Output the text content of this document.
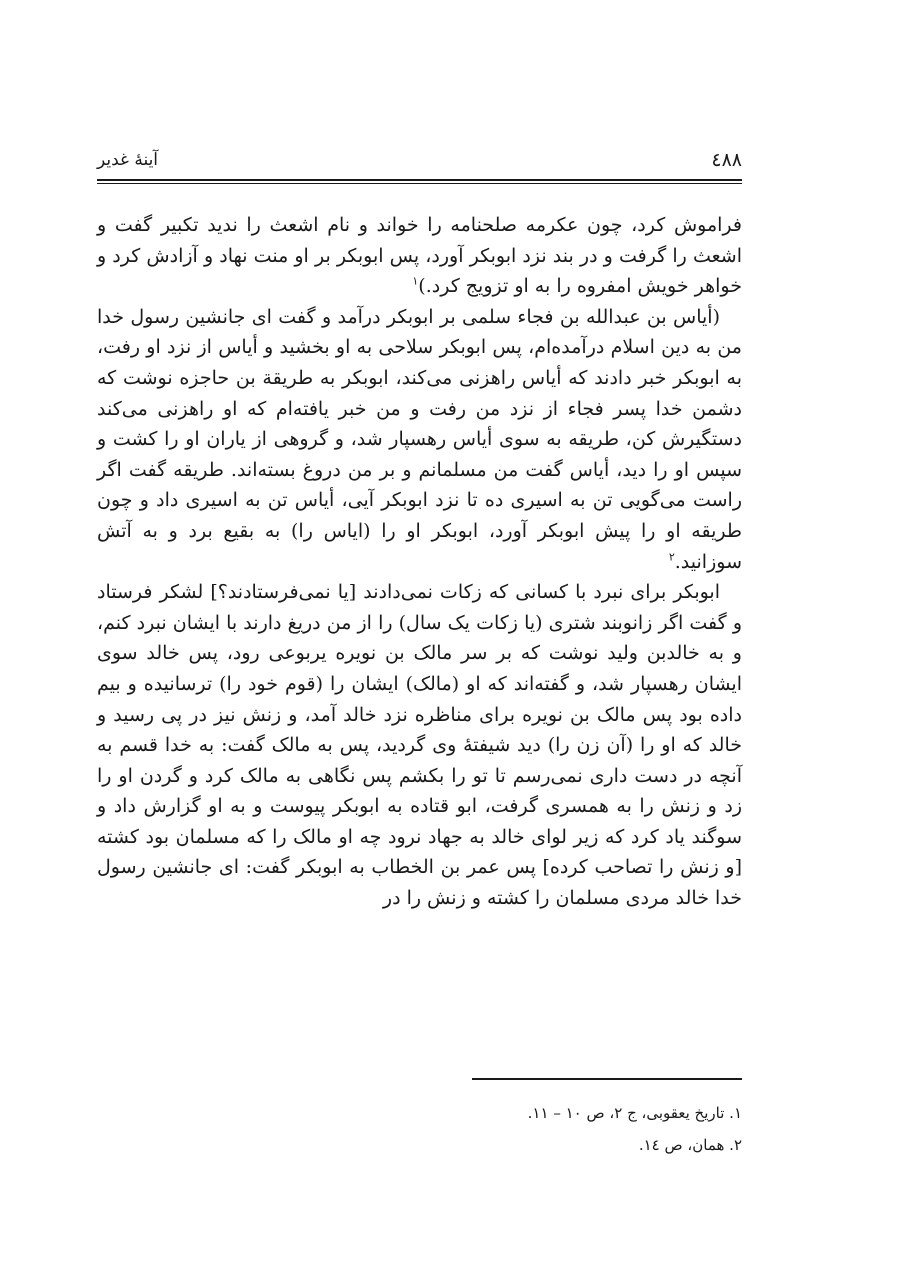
٤٨٨
آینهٔ غدیر

فراموش کرد، چون عکرمه صلحنامه را خواند و نام اشعث را ندید تکبیر گفت و اشعث را گرفت و در بند نزد ابوبکر آورد، پس ابوبکر بر او منت نهاد و آزادش کرد و خواهر خویش امفروه را به او تزویج کرد.)$^١$

(أیاس بن عبدالله بن فجاء سلمی بر ابوبکر درآمد و گفت ای جانشین رسول خدا من به دین اسلام درآمده‌ام، پس ابوبکر سلاحی به او بخشید و أیاس از نزد او رفت، به ابوبکر خبر دادند که أیاس راهزنی می‌کند، ابوبکر به طریقة بن حاجزه نوشت که دشمن خدا پسر فجاء از نزد من رفت و من خبر یافته‌ام که او راهزنی می‌کند دستگیرش کن، طریقه به سوی أیاس رهسپار شد، و گروهی از یاران او را کشت و سپس او را دید، أیاس گفت من مسلمانم و بر من دروغ بسته‌اند. طریقه گفت اگر راست می‌گویی تن به اسیری ده تا نزد ابوبکر آیی، أیاس تن به اسیری داد و چون طریقه او را پیش ابوبکر آورد، ابوبکر او را (ایاس را) به بقیع برد و به آتش سوزانید.$^٢$

ابوبکر برای نبرد با کسانی که زکات نمی‌دادند [یا نمی‌فرستادند؟] لشکر فرستاد و گفت اگر زانوبند شتری (یا زکات یک سال) را از من دریغ دارند با ایشان نبرد کنم، و به خالدبن ولید نوشت که بر سر مالک بن نویره یربوعی رود، پس خالد سوی ایشان رهسپار شد، و گفته‌اند که او (مالک) ایشان را (قوم خود را) ترسانیده و بیم داده بود پس مالک بن نویره برای مناظره نزد خالد آمد، و زنش نیز در پی رسید و خالد که او را (آن زن را) دید شیفتهٔ وی گردید، پس به مالک گفت: به خدا قسم به آنچه در دست داری نمی‌رسم تا تو را بکشم پس نگاهی به مالک کرد و گردن او را زد و زنش را به همسری گرفت، ابو قتاده به ابوبکر پیوست و به او گزارش داد و سوگند یاد کرد که زیر لوای خالد به جهاد نرود چه او مالک را که مسلمان بود کشته [و زنش را تصاحب کرده] پس عمر بن الخطاب به ابوبکر گفت: ای جانشین رسول خدا خالد مردی مسلمان را کشته و زنش را در

١. تاریخ یعقوبی، ج ٢، ص ١٠ – ١١.
٢. همان، ص ١٤.
